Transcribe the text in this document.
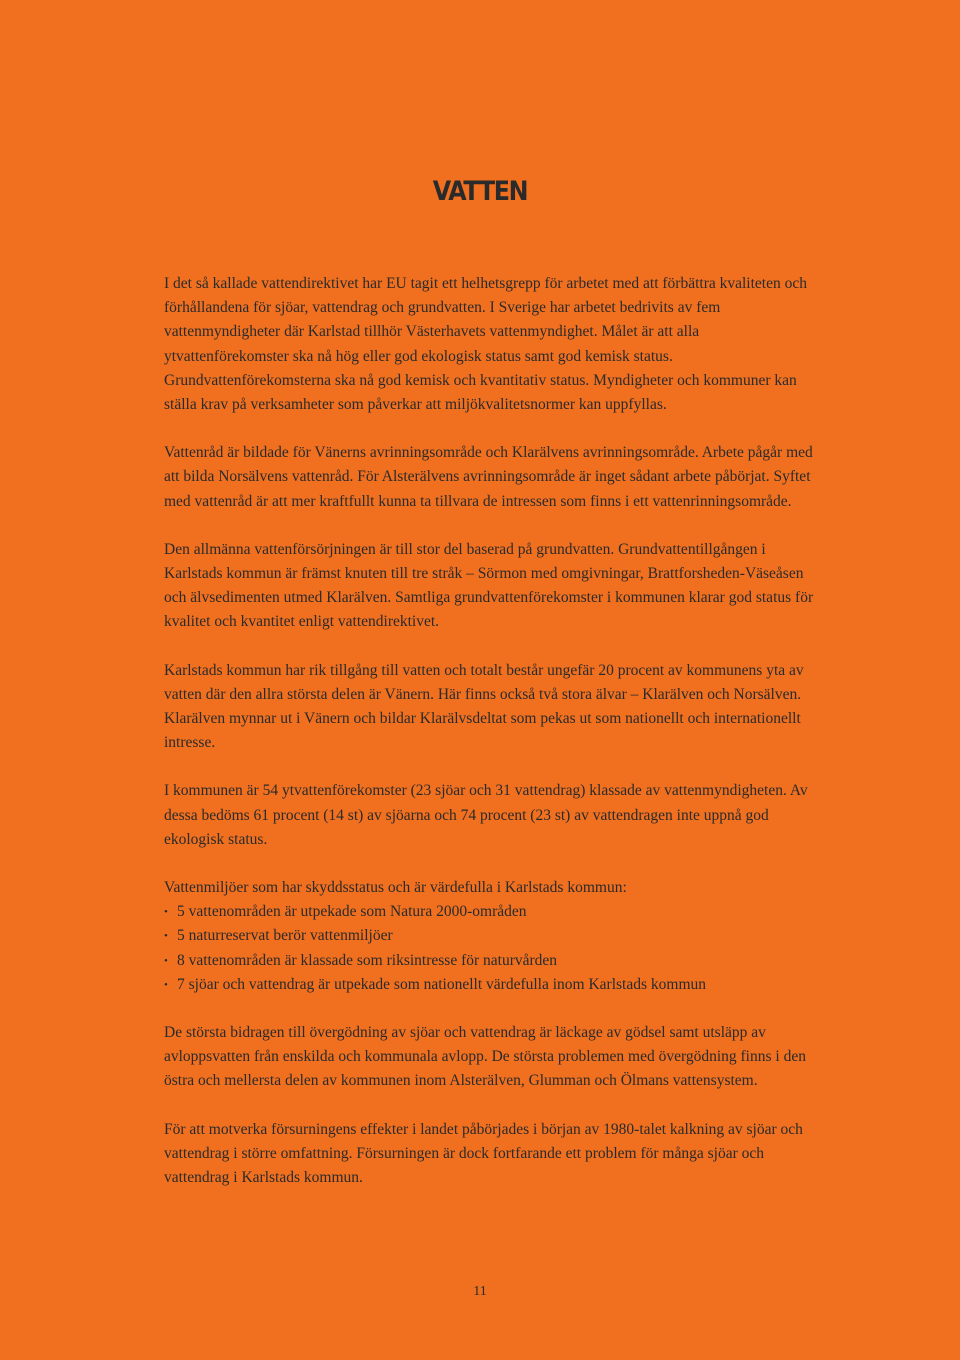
VATTEN

I det så kallade vattendirektivet har EU tagit ett helhetsgrepp för arbetet med att förbättra kvaliteten och förhållandena för sjöar, vattendrag och grundvatten. I Sverige har arbetet bedrivits av fem vattenmyndigheter där Karlstad tillhör Västerhavets vattenmyndighet. Målet är att alla ytvattenförekomster ska nå hög eller god ekologisk status samt god kemisk status. Grundvattenförekomsterna ska nå god kemisk och kvantitativ status. Myndigheter och kommuner kan ställa krav på verksamheter som påverkar att miljökvalitetsnormer kan uppfyllas.

Vattenråd är bildade för Vänerns avrinningsområde och Klarälvens avrinningsområde. Arbete pågår med att bilda Norsälvens vattenråd. För Alsterälvens avrinningsområde är inget sådant arbete påbörjat. Syftet med vattenråd är att mer kraftfullt kunna ta tillvara de intressen som finns i ett vattenrinningsområde.

Den allmänna vattenförsörjningen är till stor del baserad på grundvatten. Grundvattentillgången i Karlstads kommun är främst knuten till tre stråk – Sörmon med omgivningar, Brattforsheden-Väseåsen och älvsedimenten utmed Klarälven. Samtliga grundvattenförekomster i kommunen klarar god status för kvalitet och kvantitet enligt vattendirektivet.

Karlstads kommun har rik tillgång till vatten och totalt består ungefär 20 procent av kommunens yta av vatten där den allra största delen är Vänern. Här finns också två stora älvar – Klarälven och Norsälven. Klarälven mynnar ut i Vänern och bildar Klarälvsdeltat som pekas ut som nationellt och internationellt intresse.

I kommunen är 54 ytvattenförekomster (23 sjöar och 31 vattendrag) klassade av vattenmyndigheten. Av dessa bedöms 61 procent (14 st) av sjöarna och 74 procent (23 st) av vattendragen inte uppnå god ekologisk status.

Vattenmiljöer som har skyddsstatus och är värdefulla i Karlstads kommun:

• 5 vattenområden är utpekade som Natura 2000-områden
• 5 naturreservat berör vattenmiljöer
• 8 vattenområden är klassade som riksintresse för naturvården
• 7 sjöar och vattendrag är utpekade som nationellt värdefulla inom Karlstads kommun

De största bidragen till övergödning av sjöar och vattendrag är läckage av gödsel samt utsläpp av avloppsvatten från enskilda och kommunala avlopp. De största problemen med övergödning finns i den östra och mellersta delen av kommunen inom Alsterälven, Glumman och Ölmans vattensystem.

För att motverka försurningens effekter i landet påbörjades i början av 1980-talet kalkning av sjöar och vattendrag i större omfattning. Försurningen är dock fortfarande ett problem för många sjöar och vattendrag i Karlstads kommun.

11
